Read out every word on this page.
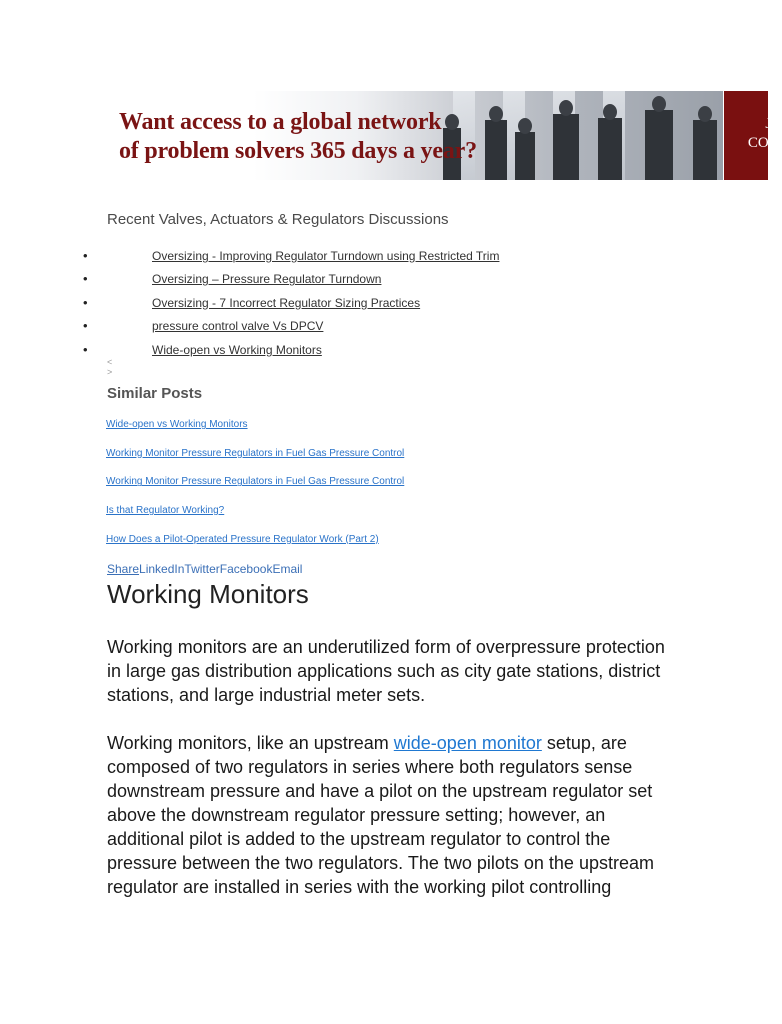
Want access to a global network
of problem solvers 365 days a year?
JO
COM
Recent Valves, Actuators & Regulators Discussions
•	Oversizing - Improving Regulator Turndown using Restricted Trim
•	Oversizing – Pressure Regulator Turndown
•	Oversizing - 7 Incorrect Regulator Sizing Practices
•	pressure control valve Vs DPCV
•	Wide-open vs Working Monitors
<
>
Similar Posts
Wide-open vs Working Monitors
Working Monitor Pressure Regulators in Fuel Gas Pressure Control
Working Monitor Pressure Regulators in Fuel Gas Pressure Control
Is that Regulator Working?
How Does a Pilot-Operated Pressure Regulator Work (Part 2)
ShareLinkedInTwitterFacebookEmail
Working Monitors

Working monitors are an underutilized form of overpressure protection in large gas distribution applications such as city gate stations, district stations, and large industrial meter sets.

Working monitors, like an upstream wide-open monitor setup, are composed of two regulators in series where both regulators sense downstream pressure and have a pilot on the upstream regulator set above the downstream regulator pressure setting; however, an additional pilot is added to the upstream regulator to control the pressure between the two regulators. The two pilots on the upstream regulator are installed in series with the working pilot controlling
